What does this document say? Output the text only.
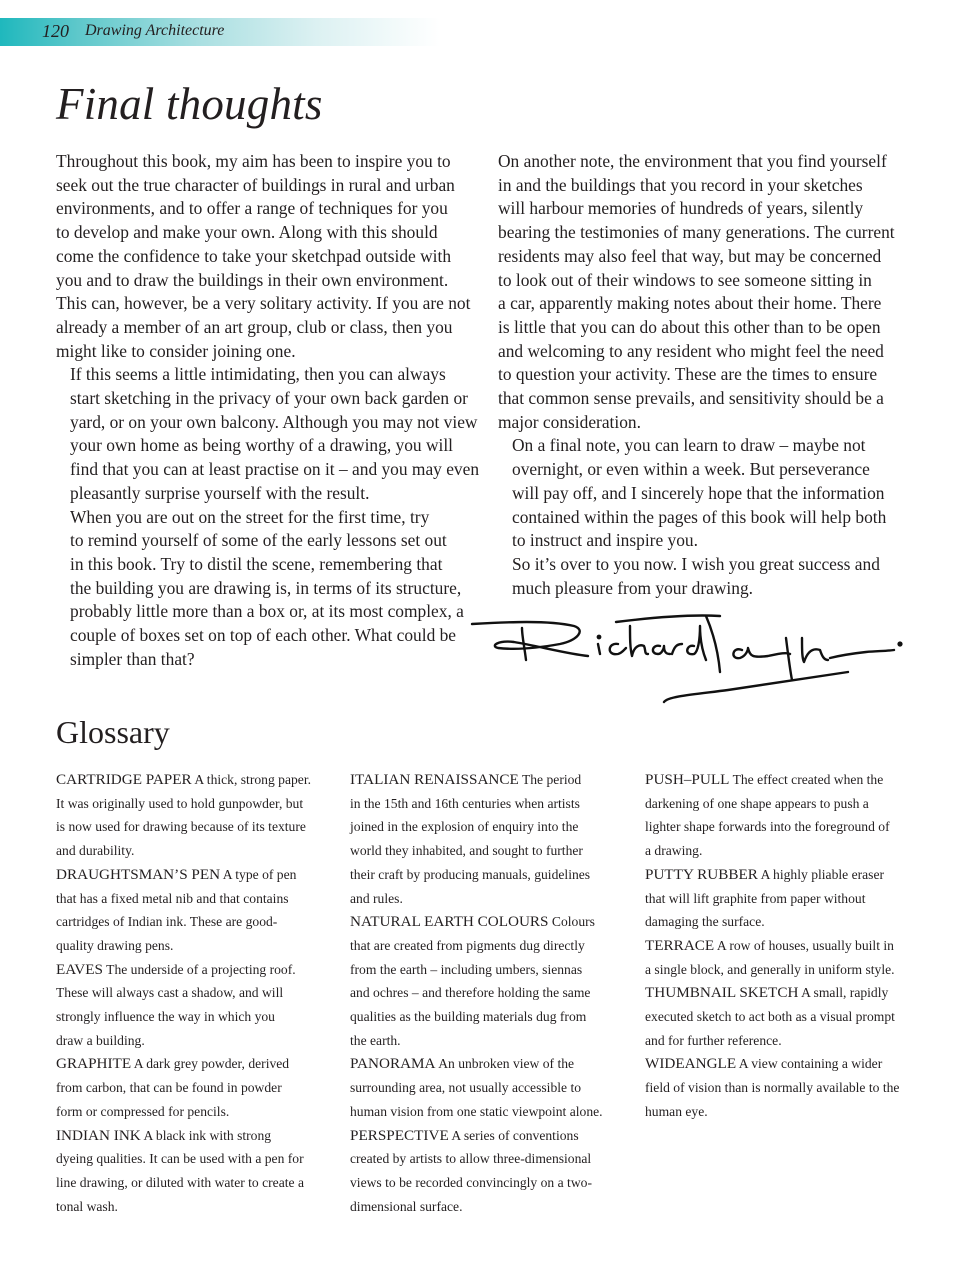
120 Drawing Architecture
Final thoughts

Throughout this book, my aim has been to inspire you to
seek out the true character of buildings in rural and urban
environments, and to offer a range of techniques for you
to develop and make your own. Along with this should
come the confidence to take your sketchpad outside with
you and to draw the buildings in their own environment.
This can, however, be a very solitary activity. If you are not
already a member of an art group, club or class, then you
might like to consider joining one.

If this seems a little intimidating, then you can always
start sketching in the privacy of your own back garden or
yard, or on your own balcony. Although you may not view
your own home as being worthy of a drawing, you will
find that you can at least practise on it – and you may even
pleasantly surprise yourself with the result.

When you are out on the street for the first time, try
to remind yourself of some of the early lessons set out
in this book. Try to distil the scene, remembering that
the building you are drawing is, in terms of its structure,
probably little more than a box or, at its most complex, a
couple of boxes set on top of each other. What could be
simpler than that?

On another note, the environment that you find yourself
in and the buildings that you record in your sketches
will harbour memories of hundreds of years, silently
bearing the testimonies of many generations. The current
residents may also feel that way, but may be concerned
to look out of their windows to see someone sitting in
a car, apparently making notes about their home. There
is little that you can do about this other than to be open
and welcoming to any resident who might feel the need
to question your activity. These are the times to ensure
that common sense prevails, and sensitivity should be a
major consideration.

On a final note, you can learn to draw – maybe not
overnight, or even within a week. But perseverance
will pay off, and I sincerely hope that the information
contained within the pages of this book will help both
to instruct and inspire you.

So it’s over to you now. I wish you great success and
much pleasure from your drawing.

Glossary
CARTRIDGE PAPER A thick, strong paper.
It was originally used to hold gunpowder, but
is now used for drawing because of its texture
and durability.
DRAUGHTSMAN’S PEN A type of pen
that has a fixed metal nib and that contains
cartridges of Indian ink. These are good-
quality drawing pens.
EAVES The underside of a projecting roof.
These will always cast a shadow, and will
strongly influence the way in which you
draw a building.
GRAPHITE A dark grey powder, derived
from carbon, that can be found in powder
form or compressed for pencils.
INDIAN INK A black ink with strong
dyeing qualities. It can be used with a pen for
line drawing, or diluted with water to create a
tonal wash.
ITALIAN RENAISSANCE The period
in the 15th and 16th centuries when artists
joined in the explosion of enquiry into the
world they inhabited, and sought to further
their craft by producing manuals, guidelines
and rules.
NATURAL EARTH COLOURS Colours
that are created from pigments dug directly
from the earth – including umbers, siennas
and ochres – and therefore holding the same
qualities as the building materials dug from
the earth.
PANORAMA An unbroken view of the
surrounding area, not usually accessible to
human vision from one static viewpoint alone.
PERSPECTIVE A series of conventions
created by artists to allow three-dimensional
views to be recorded convincingly on a two-
dimensional surface.
PUSH–PULL The effect created when the
darkening of one shape appears to push a
lighter shape forwards into the foreground of
a drawing.
PUTTY RUBBER A highly pliable eraser
that will lift graphite from paper without
damaging the surface.
TERRACE A row of houses, usually built in
a single block, and generally in uniform style.
THUMBNAIL SKETCH A small, rapidly
executed sketch to act both as a visual prompt
and for further reference.
WIDEANGLE A view containing a wider
field of vision than is normally available to the
human eye.
